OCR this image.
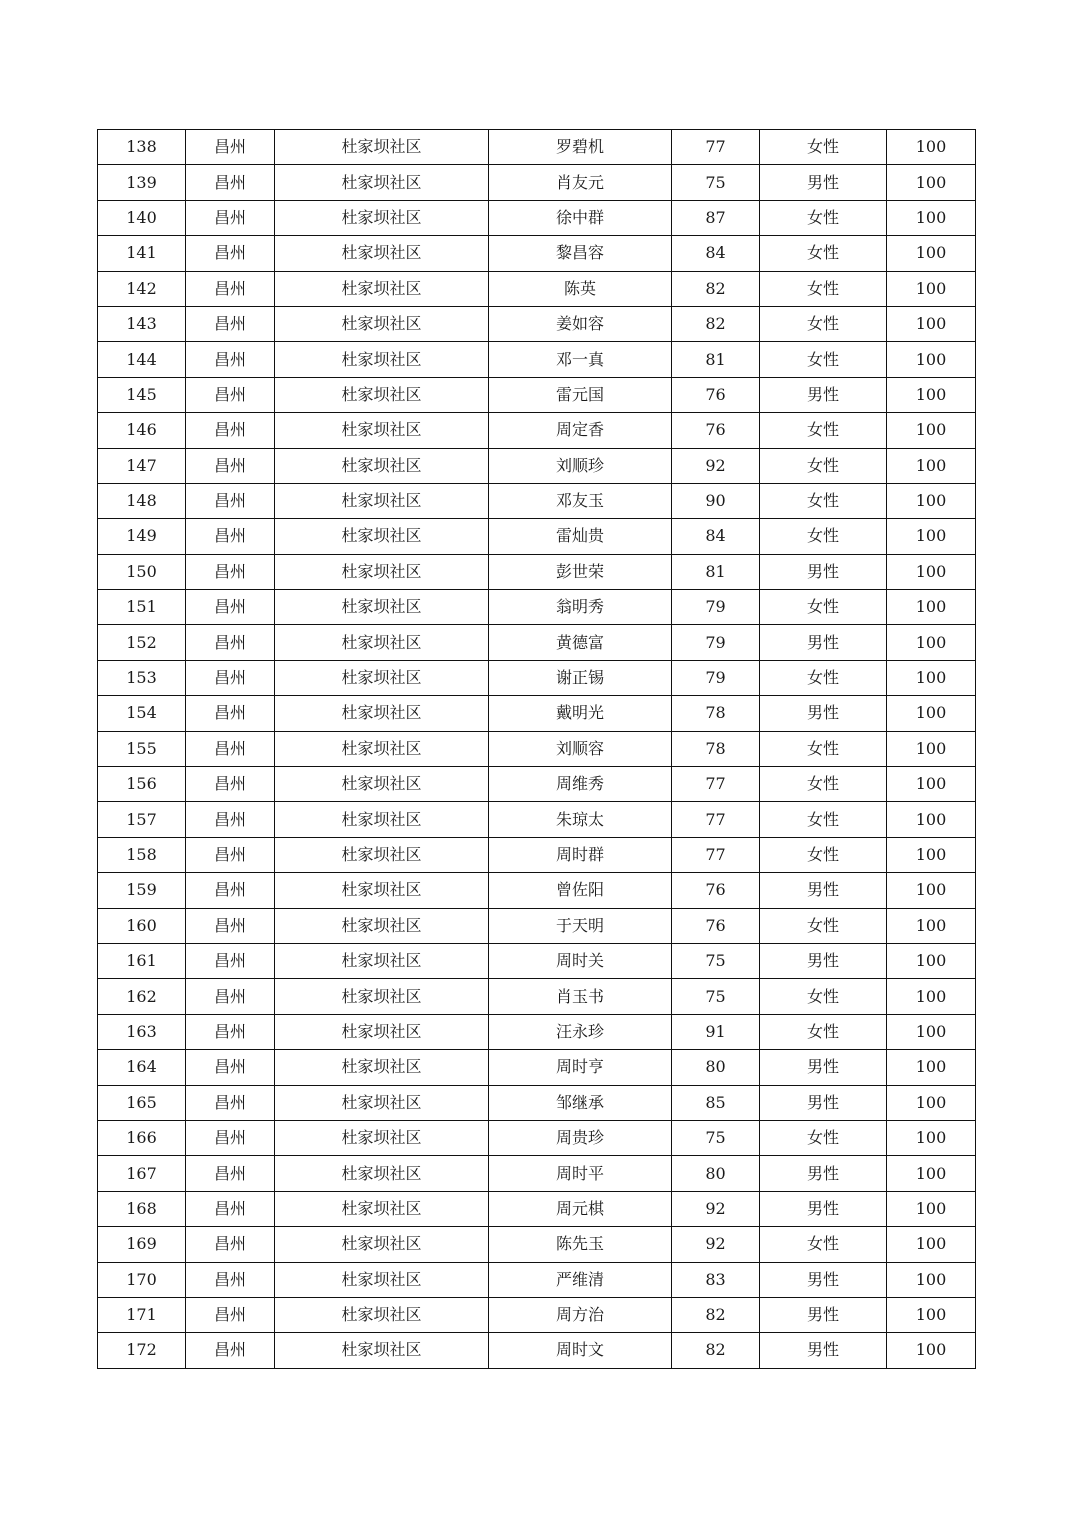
138	昌州	杜家坝社区	罗碧机	77	女性	100
139	昌州	杜家坝社区	肖友元	75	男性	100
140	昌州	杜家坝社区	徐中群	87	女性	100
141	昌州	杜家坝社区	黎昌容	84	女性	100
142	昌州	杜家坝社区	陈英	82	女性	100
143	昌州	杜家坝社区	姜如容	82	女性	100
144	昌州	杜家坝社区	邓一真	81	女性	100
145	昌州	杜家坝社区	雷元国	76	男性	100
146	昌州	杜家坝社区	周定香	76	女性	100
147	昌州	杜家坝社区	刘顺珍	92	女性	100
148	昌州	杜家坝社区	邓友玉	90	女性	100
149	昌州	杜家坝社区	雷灿贵	84	女性	100
150	昌州	杜家坝社区	彭世荣	81	男性	100
151	昌州	杜家坝社区	翁明秀	79	女性	100
152	昌州	杜家坝社区	黄德富	79	男性	100
153	昌州	杜家坝社区	谢正锡	79	女性	100
154	昌州	杜家坝社区	戴明光	78	男性	100
155	昌州	杜家坝社区	刘顺容	78	女性	100
156	昌州	杜家坝社区	周维秀	77	女性	100
157	昌州	杜家坝社区	朱琼太	77	女性	100
158	昌州	杜家坝社区	周时群	77	女性	100
159	昌州	杜家坝社区	曾佐阳	76	男性	100
160	昌州	杜家坝社区	于天明	76	女性	100
161	昌州	杜家坝社区	周时关	75	男性	100
162	昌州	杜家坝社区	肖玉书	75	女性	100
163	昌州	杜家坝社区	汪永珍	91	女性	100
164	昌州	杜家坝社区	周时亨	80	男性	100
165	昌州	杜家坝社区	邹继承	85	男性	100
166	昌州	杜家坝社区	周贵珍	75	女性	100
167	昌州	杜家坝社区	周时平	80	男性	100
168	昌州	杜家坝社区	周元棋	92	男性	100
169	昌州	杜家坝社区	陈先玉	92	女性	100
170	昌州	杜家坝社区	严维清	83	男性	100
171	昌州	杜家坝社区	周方治	82	男性	100
172	昌州	杜家坝社区	周时文	82	男性	100
